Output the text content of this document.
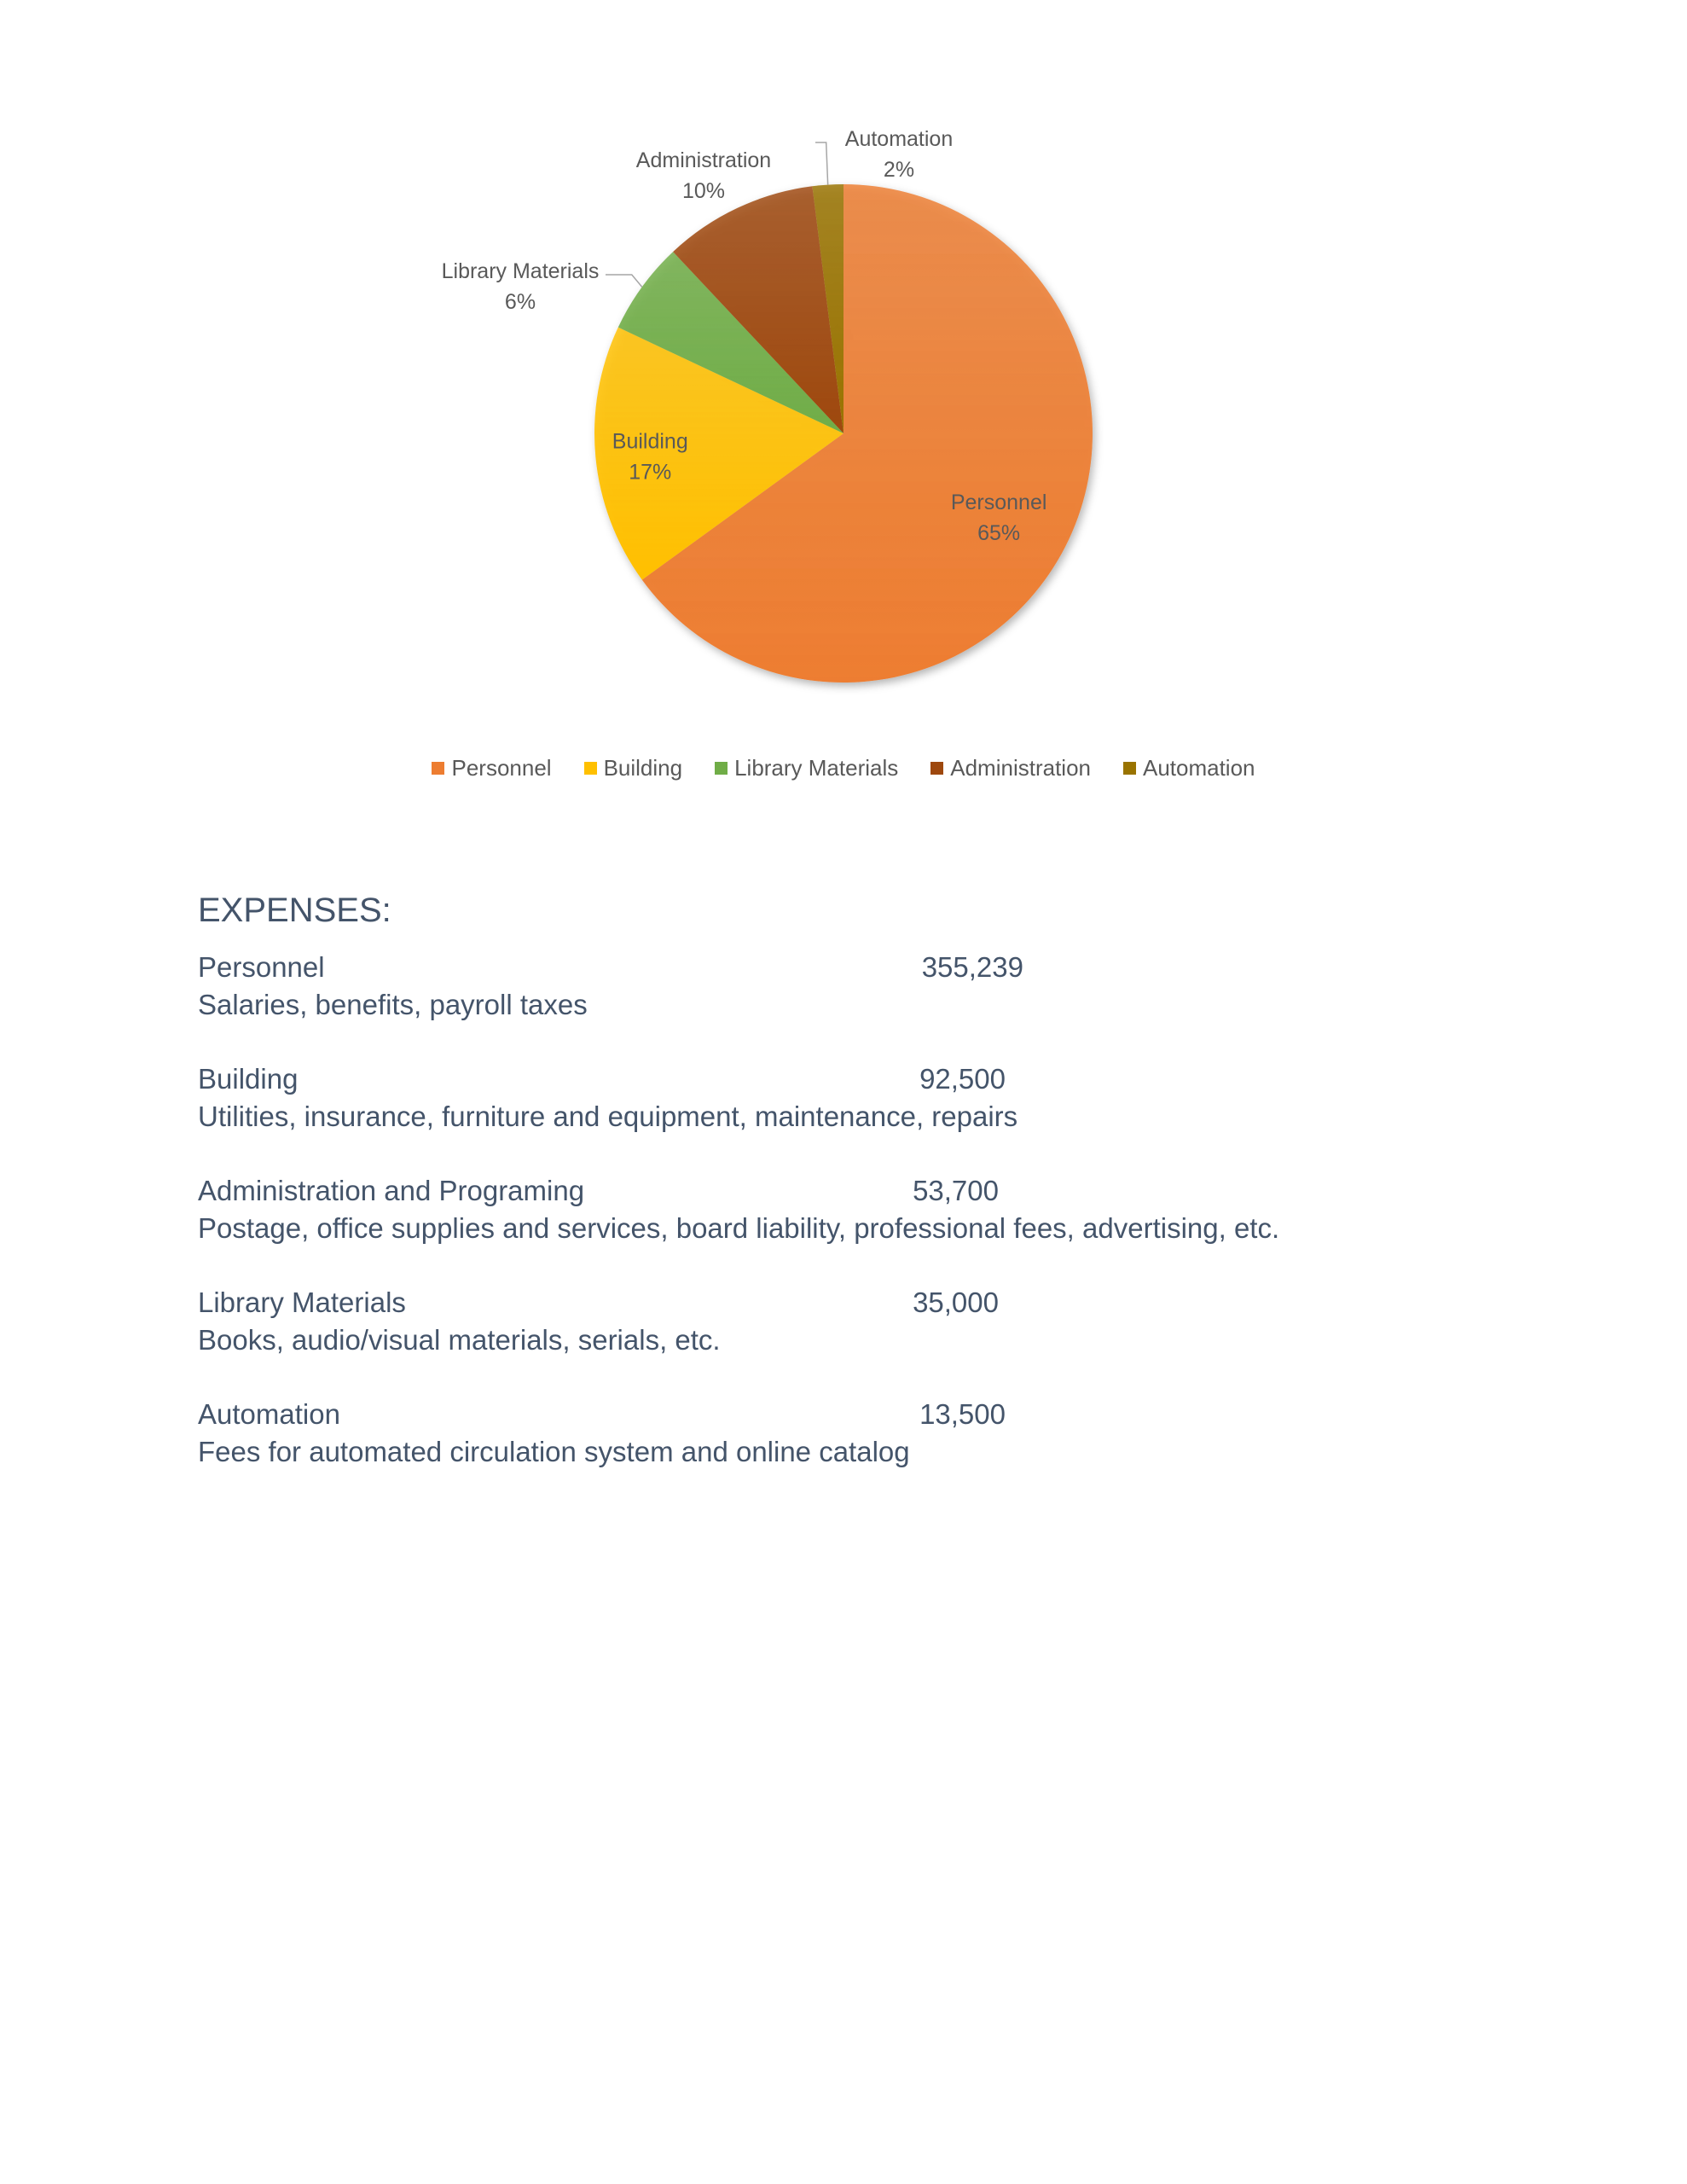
Personnel 65%
Building 17%
Library Materials 6%
Administration 10%
Automation 2%
Personnel Building Library Materials Administration Automation
EXPENSES:
Personnel	355,239
Salaries, benefits, payroll taxes
Building	92,500
Utilities, insurance, furniture and equipment, maintenance, repairs
Administration and Programing	53,700
Postage, office supplies and services, board liability, professional fees, advertising, etc.
Library Materials	35,000
Books, audio/visual materials, serials, etc.
Automation	13,500
Fees for automated circulation system and online catalog
